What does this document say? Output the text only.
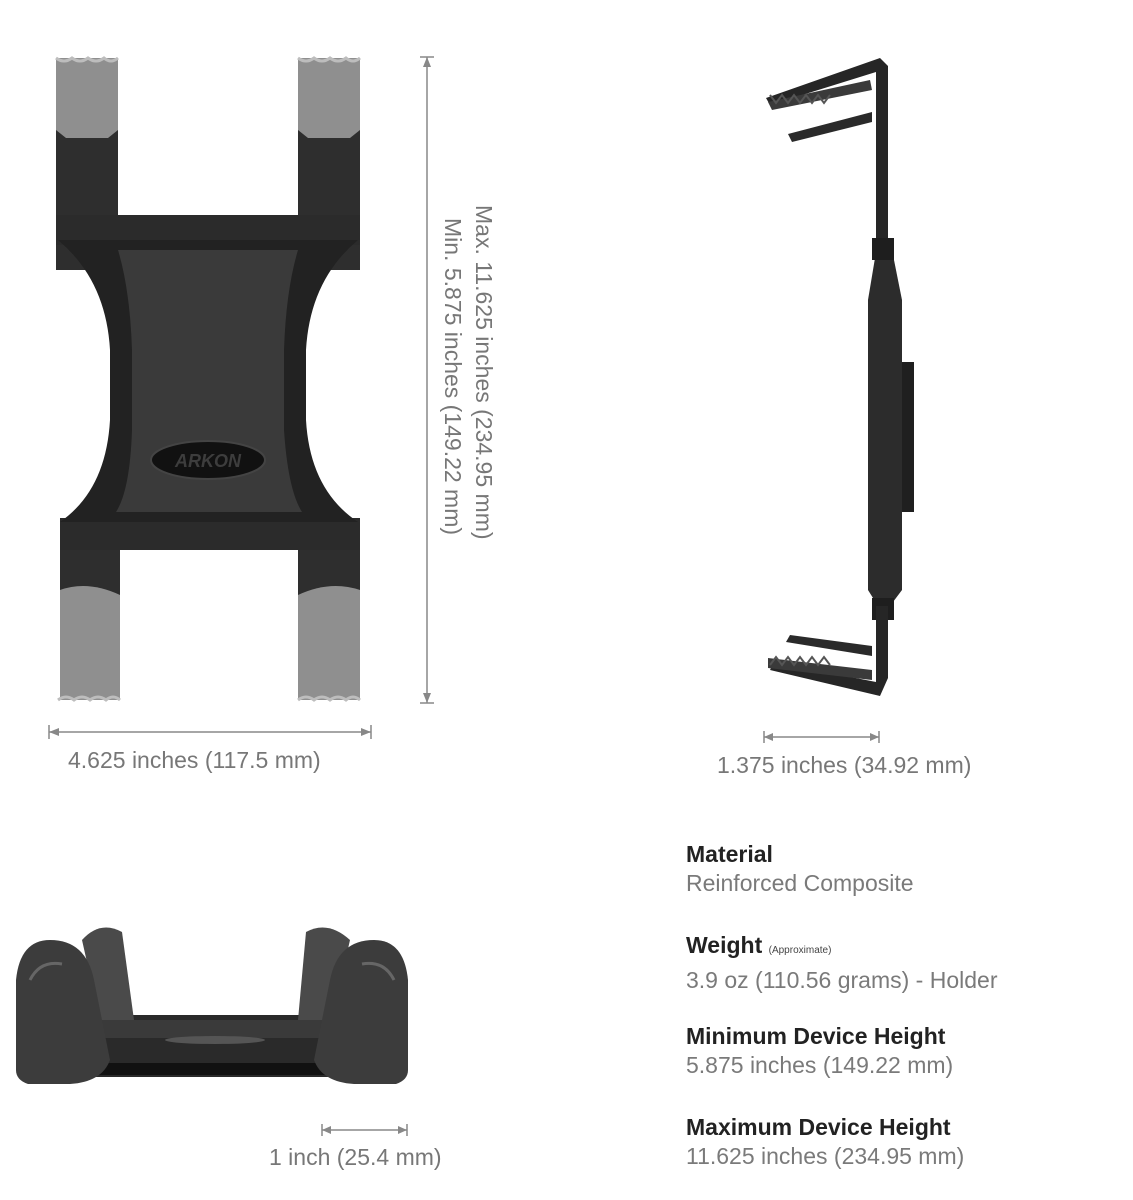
ARKON	Max. 11.625 inches (234.95 mm)
Min. 5.875 inches (149.22 mm)
4.625 inches (117.5 mm)	1.375 inches (34.92 mm)
1 inch (25.4 mm)
Material
Reinforced Composite
Weight (Approximate)
3.9 oz (110.56 grams) - Holder
Minimum Device Height
5.875 inches (149.22 mm)
Maximum Device Height
11.625 inches (234.95 mm)
